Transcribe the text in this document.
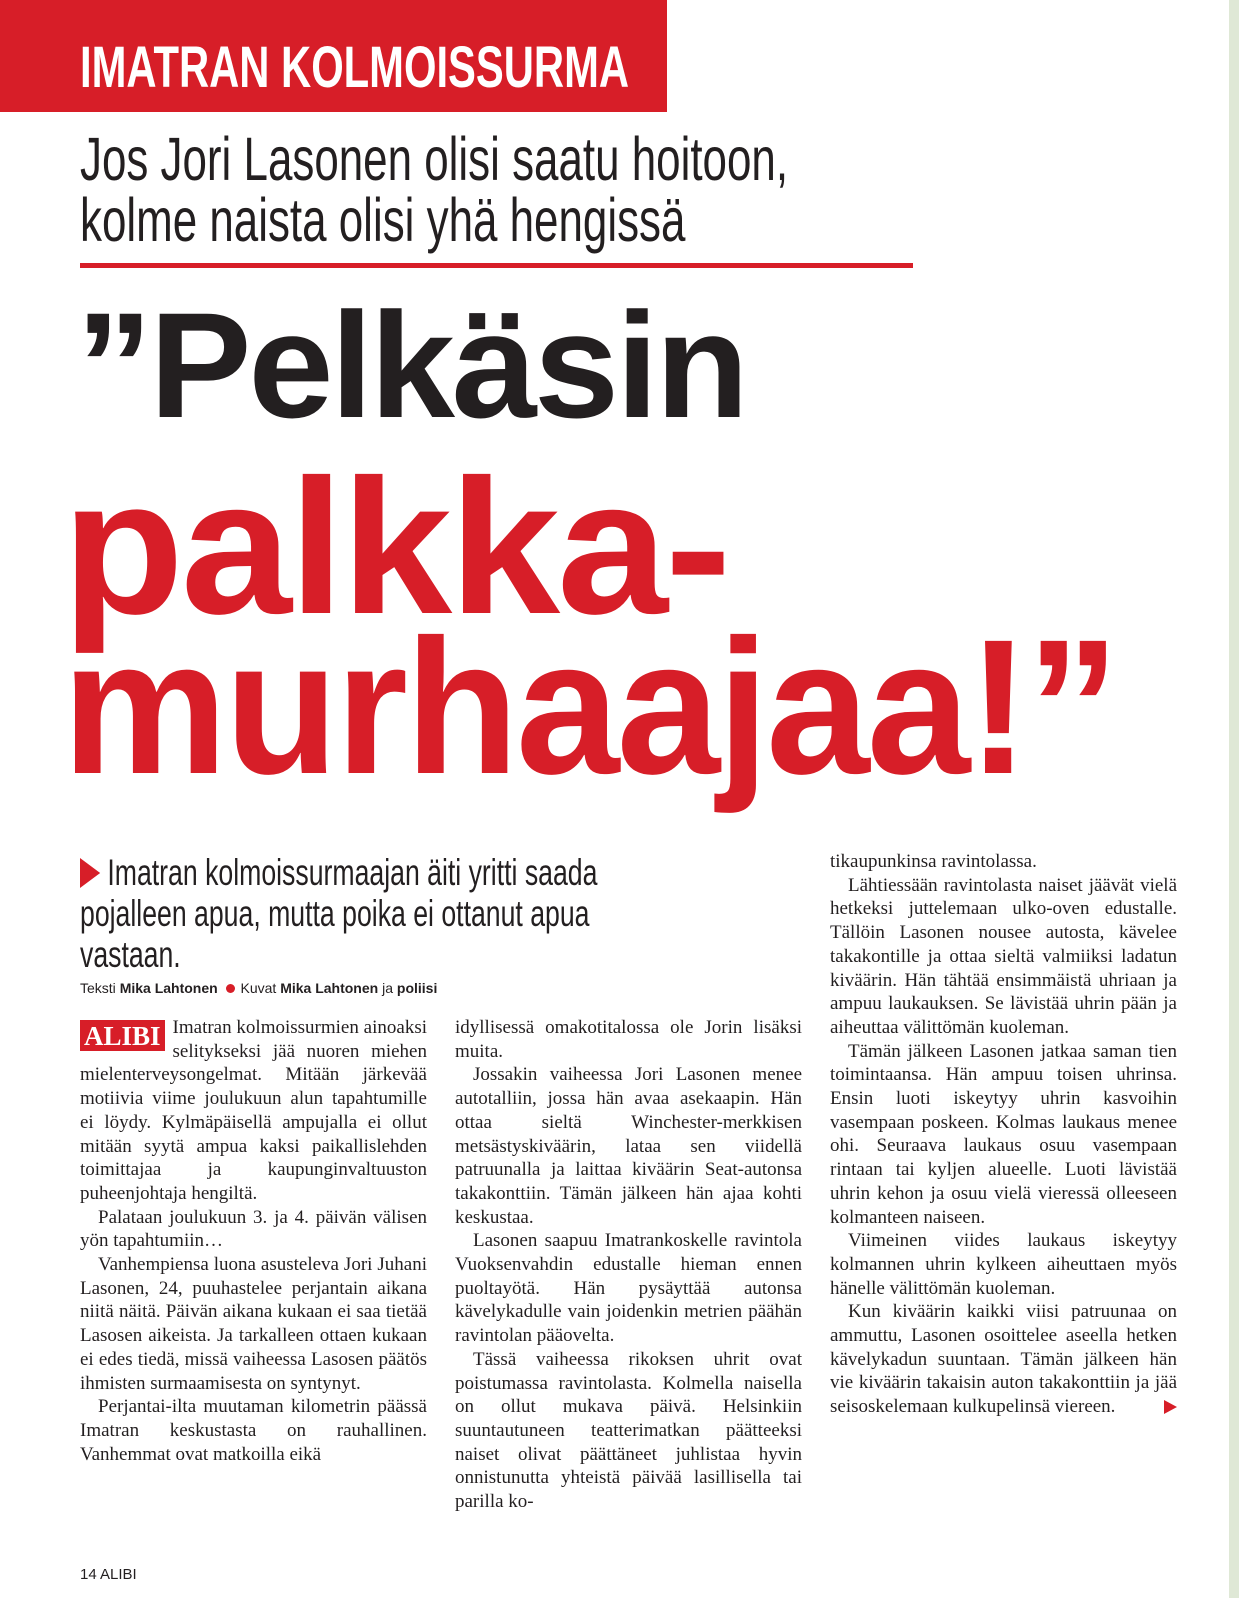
IMATRAN KOLMOISSURMA
Jos Jori Lasonen olisi saatu hoitoon,
kolme naista olisi yhä hengissä
”Pelkäsin
palkka-
murhaajaa!”
Imatran kolmoissurmaajan äiti yritti saada pojalleen apua, mutta poika ei ottanut apua vastaan.
Teksti Mika Lahtonen Kuvat Mika Lahtonen ja poliisi

ALIBI Imatran kolmoissurmien ainoaksi selitykseksi jää nuoren miehen mielenterveysongelmat. Mitään järkevää motiivia viime joulukuun alun tapahtumille ei löydy. Kylmäpäisellä ampujalla ei ollut mitään syytä ampua kaksi paikallislehden toimittajaa ja kaupunginvaltuuston puheenjohtaja hengiltä.

Palataan joulukuun 3. ja 4. päivän välisen yön tapahtumiin…

Vanhempiensa luona asusteleva Jori Juhani Lasonen, 24, puuhastelee perjantain aikana niitä näitä. Päivän aikana kukaan ei saa tietää Lasosen aikeista. Ja tarkalleen ottaen kukaan ei edes tiedä, missä vaiheessa Lasosen päätös ihmisten surmaamisesta on syntynyt.

Perjantai-ilta muutaman kilometrin päässä Imatran keskustasta on rauhallinen. Vanhemmat ovat matkoilla eikä

idyllisessä omakotitalossa ole Jorin lisäksi muita.

Jossakin vaiheessa Jori Lasonen menee autotalliin, jossa hän avaa asekaapin. Hän ottaa sieltä Winchester-merkkisen metsästyskiväärin, lataa sen viidellä patruunalla ja laittaa kiväärin Seat-autonsa takakonttiin. Tämän jälkeen hän ajaa kohti keskustaa.

Lasonen saapuu Imatrankoskelle ravintola Vuoksenvahdin edustalle hieman ennen puoltayötä. Hän pysäyttää autonsa kävelykadulle vain joidenkin metrien päähän ravintolan pääovelta.

Tässä vaiheessa rikoksen uhrit ovat poistumassa ravintolasta. Kolmella naisella on ollut mukava päivä. Helsinkiin suuntautuneen teatterimatkan päätteeksi naiset olivat päättäneet juhlistaa hyvin onnistunutta yhteistä päivää lasillisella tai parilla ko-

tikaupunkinsa ravintolassa.

Lähtiessään ravintolasta naiset jäävät vielä hetkeksi juttelemaan ulko-oven edustalle. Tällöin Lasonen nousee autosta, kävelee takakontille ja ottaa sieltä valmiiksi ladatun kiväärin. Hän tähtää ensimmäistä uhriaan ja ampuu laukauksen. Se lävistää uhrin pään ja aiheuttaa välittömän kuoleman.

Tämän jälkeen Lasonen jatkaa saman tien toimintaansa. Hän ampuu toisen uhrinsa. Ensin luoti iskeytyy uhrin kasvoihin vasempaan poskeen. Kolmas laukaus menee ohi. Seuraava laukaus osuu vasempaan rintaan tai kyljen alueelle. Luoti lävistää uhrin kehon ja osuu vielä vieressä olleeseen kolmanteen naiseen.

Viimeinen viides laukaus iskeytyy kolmannen uhrin kylkeen aiheuttaen myös hänelle välittömän kuoleman.

Kun kiväärin kaikki viisi patruunaa on ammuttu, Lasonen osoittelee aseella hetken kävelykadun suuntaan. Tämän jälkeen hän vie kiväärin takaisin auton takakonttiin ja jää seisoskelemaan kulkupelinsä viereen.

14 ALIBI
